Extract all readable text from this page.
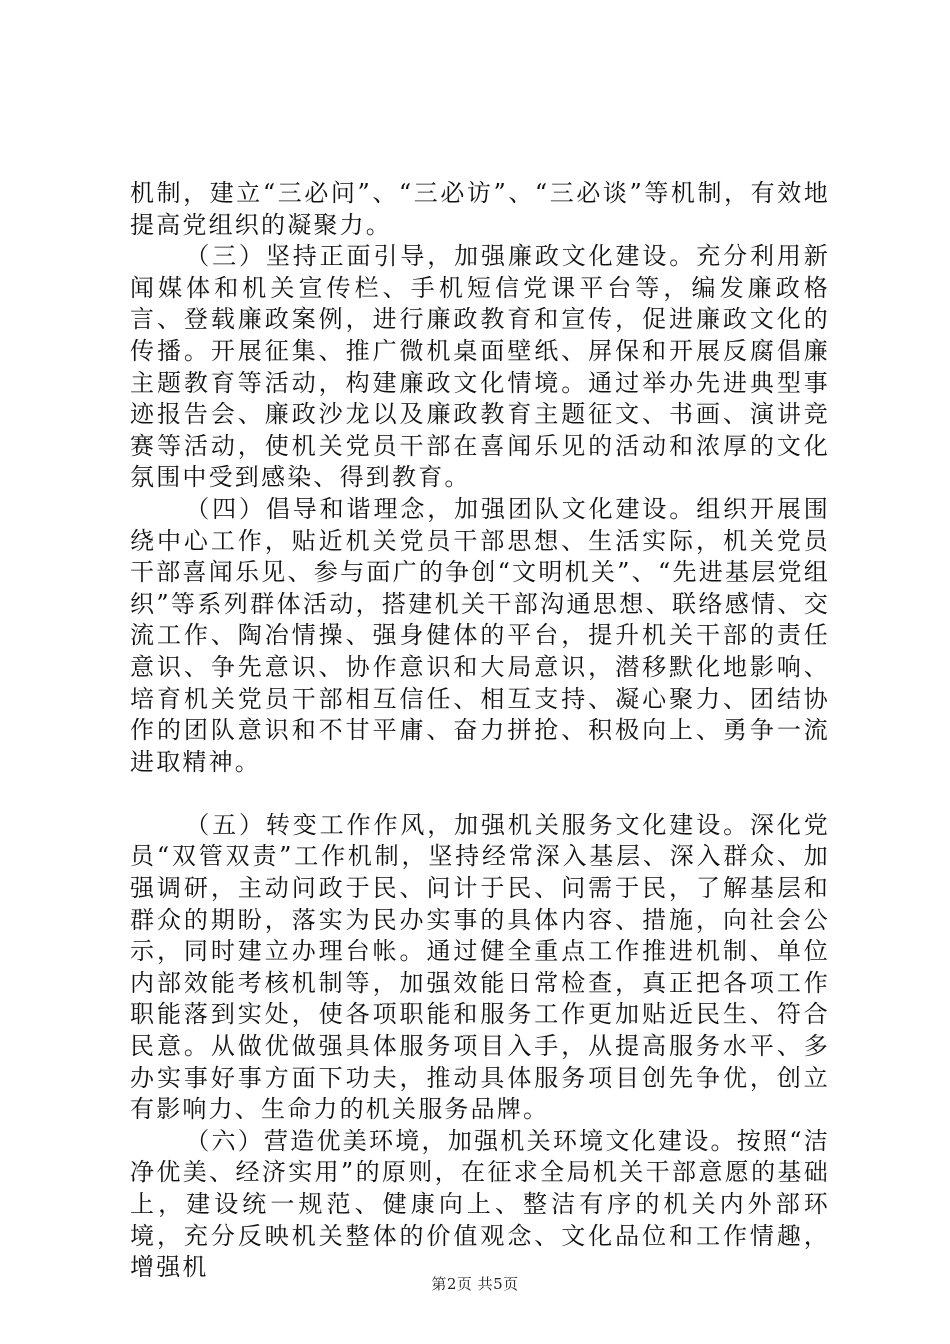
机制，建立“三必问”、“三必访”、“三必谈”等机制，有效地提高党组织的凝聚力。

（三）坚持正面引导，加强廉政文化建设。充分利用新闻媒体和机关宣传栏、手机短信党课平台等，编发廉政格言、登载廉政案例，进行廉政教育和宣传，促进廉政文化的传播。开展征集、推广微机桌面壁纸、屏保和开展反腐倡廉主题教育等活动，构建廉政文化情境。通过举办先进典型事迹报告会、廉政沙龙以及廉政教育主题征文、书画、演讲竞赛等活动，使机关党员干部在喜闻乐见的活动和浓厚的文化氛围中受到感染、得到教育。

（四）倡导和谐理念，加强团队文化建设。组织开展围绕中心工作，贴近机关党员干部思想、生活实际，机关党员干部喜闻乐见、参与面广的争创“文明机关”、“先进基层党组织”等系列群体活动，搭建机关干部沟通思想、联络感情、交流工作、陶冶情操、强身健体的平台，提升机关干部的责任意识、争先意识、协作意识和大局意识，潜移默化地影响、培育机关党员干部相互信任、相互支持、凝心聚力、团结协作的团队意识和不甘平庸、奋力拼抢、积极向上、勇争一流进取精神。

（五）转变工作作风，加强机关服务文化建设。深化党员“双管双责”工作机制，坚持经常深入基层、深入群众、加强调研，主动问政于民、问计于民、问需于民，了解基层和群众的期盼，落实为民办实事的具体内容、措施，向社会公示，同时建立办理台帐。通过健全重点工作推进机制、单位内部效能考核机制等，加强效能日常检查，真正把各项工作职能落到实处，使各项职能和服务工作更加贴近民生、符合民意。从做优做强具体服务项目入手，从提高服务水平、多办实事好事方面下功夫，推动具体服务项目创先争优，创立有影响力、生命力的机关服务品牌。

（六）营造优美环境，加强机关环境文化建设。按照“洁净优美、经济实用”的原则，在征求全局机关干部意愿的基础上，建设统一规范、健康向上、整洁有序的机关内外部环境，充分反映机关整体的价值观念、文化品位和工作情趣，增强机

第2页 共5页
